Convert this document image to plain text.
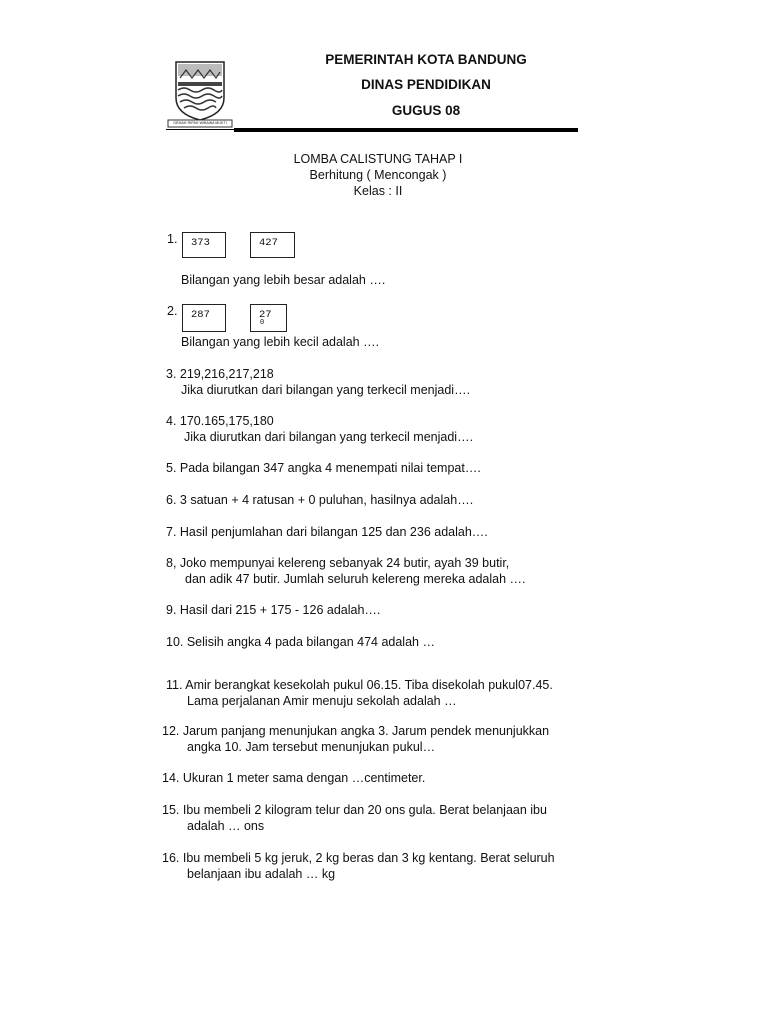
GEMAH RIPAH WIBAWA MUKTI
PEMERINTAH KOTA BANDUNG
DINAS PENDIDIKAN
GUGUS 08
LOMBA CALISTUNG TAHAP I
Berhitung ( Mencongak )
Kelas : II
1.	373	427
Bilangan yang lebih besar adalah ….
2.	287	27
0
Bilangan yang lebih kecil adalah ….
3. 219,216,217,218
Jika diurutkan dari bilangan yang terkecil menjadi….
4. 170.165,175,180
Jika diurutkan dari bilangan yang terkecil menjadi….
5. Pada bilangan 347 angka 4 menempati nilai tempat….
6. 3 satuan + 4 ratusan + 0 puluhan, hasilnya adalah….
7. Hasil penjumlahan dari bilangan 125 dan 236 adalah….
8, Joko mempunyai kelereng sebanyak 24 butir, ayah 39 butir,
dan adik 47 butir. Jumlah seluruh kelereng mereka adalah ….
9. Hasil dari 215 + 175 - 126 adalah….
10. Selisih angka 4 pada bilangan 474 adalah …
11. Amir berangkat kesekolah pukul 06.15. Tiba disekolah pukul07.45.
Lama perjalanan Amir menuju sekolah adalah …
12. Jarum panjang menunjukan angka 3. Jarum pendek menunjukkan
angka 10. Jam tersebut menunjukan pukul…
14. Ukuran 1 meter sama dengan …centimeter.
15. Ibu membeli 2 kilogram telur dan 20 ons gula. Berat belanjaan ibu
adalah … ons
16. Ibu membeli 5 kg jeruk, 2 kg beras dan 3 kg kentang. Berat seluruh
belanjaan ibu adalah … kg
